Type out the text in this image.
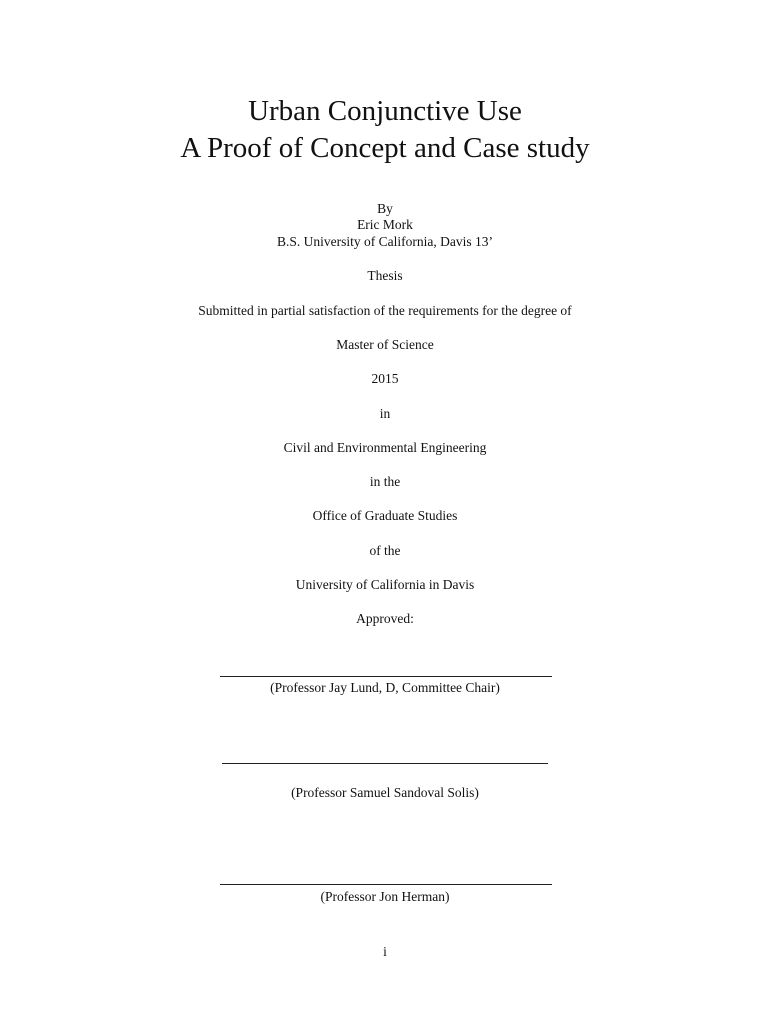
Urban Conjunctive Use
A Proof of Concept and Case study
By
Eric Mork
B.S. University of California, Davis 13’
Thesis
Submitted in partial satisfaction of the requirements for the degree of
Master of Science
2015
in
Civil and Environmental Engineering
in the
Office of Graduate Studies
of the
University of California in Davis
Approved:
(Professor Jay Lund, D, Committee Chair)
(Professor Samuel Sandoval Solis)
(Professor Jon Herman)
i
